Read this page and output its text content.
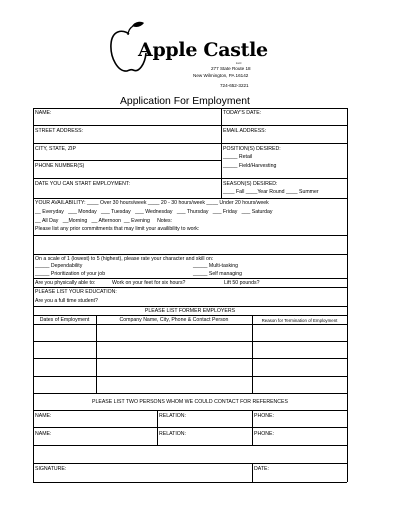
Apple Castle
LLC
277 State Route 18
New Wilmington, PA 16142
724-652-3221
Application For Employment
NAME:	TODAY'S DATE:
STREET ADDRESS:	EMAIL ADDRESS:
CITY, STATE, ZIP	POSITION(S) DESIRED:
_____ Retail
_____ Field/Harvesting
PHONE NUMBER(S)
DATE YOU CAN START EMPLOYMENT:	SEASON(S) DESIRED:
____ Fall ____Year Round ____ Summer
YOUR AVAILABILITY: ____ Over 30 hours/week ____ 20 - 30 hours/week ____ Under 20 hours/week
__ Everyday   ___ Monday   ___ Tuesday   ___ Wednesday   ___ Thursday   ___ Friday   ___ Saturday
__ All Day   __Morning   __ Afternoon  __ Evening Notes:
Please list any prior commitments that may limit your availibility to work:
On a scale of 1 (lowest) to 5 (highest), please rate your character and skill on:
_____ Dependability	_____ Multi-tasking
_____ Prioritization of your job	_____ Self managing
Are you physically able to:	Work on your feet for six hours?	Lift 50 pounds?
PLEASE LIST YOUR EDUCATION:
Are you a full time student?
PLEASE LIST FORMER EMPLOYERS
Dates of Employment	Company Name, City, Phone & Contact Person	Reason for Termination of Employment
PLEASE LIST TWO PERSONS WHOM WE COULD CONTACT FOR REFERENCES
NAME:	RELATION:	PHONE:
NAME:	RELATION:	PHONE:
SIGNATURE:	DATE:
